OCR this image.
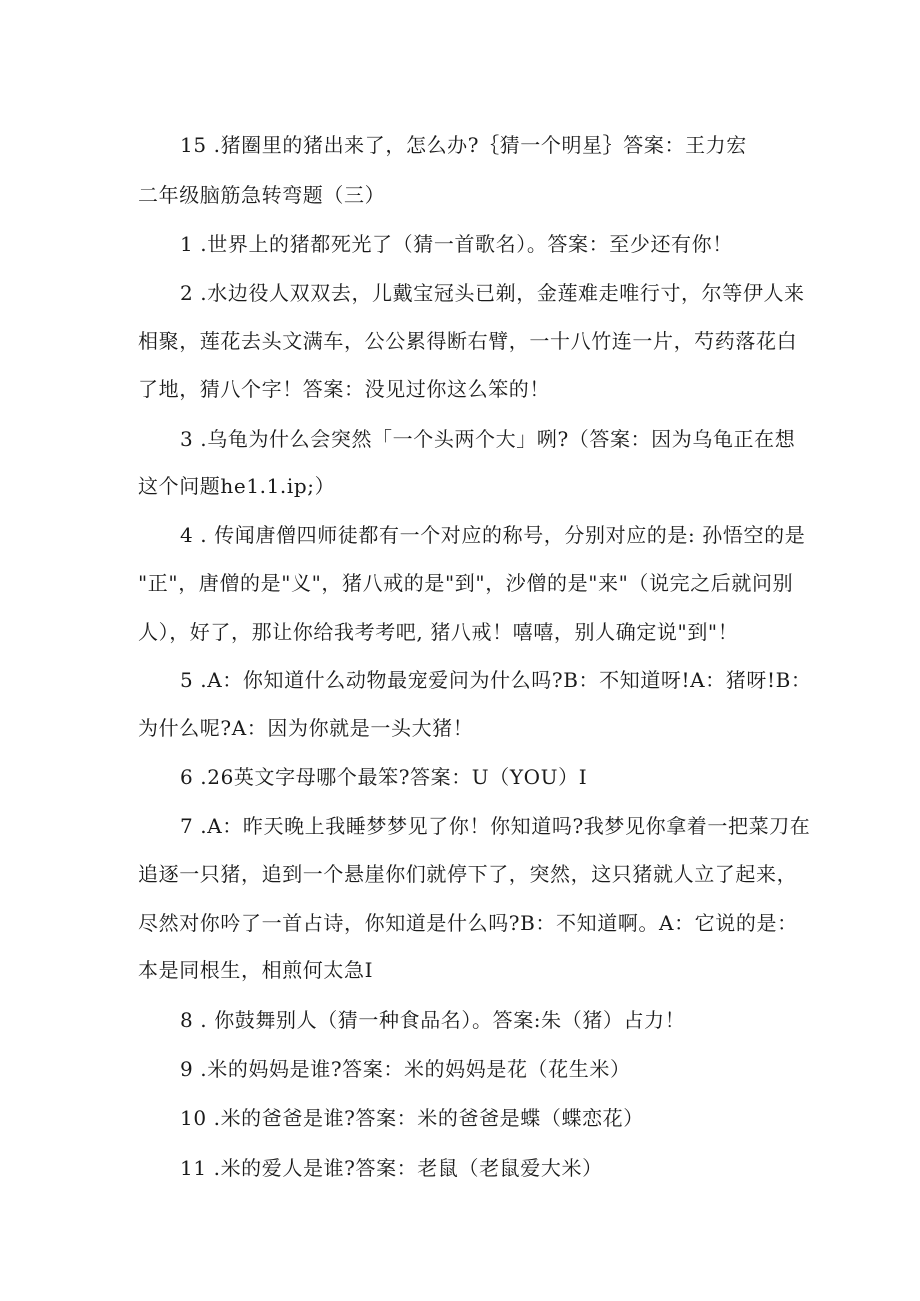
15 .猪圈里的猪出来了，怎么办?｛猜一个明星｝答案：王力宏
二年级脑筋急转弯题（三）
1 .世界上的猪都死光了（猜一首歌名）。答案：至少还有你！
2 .水边役人双双去，儿戴宝冠头已剃，金莲难走唯行寸，尔等伊人来
相聚，莲花去头文满车，公公累得断右臂，一十八竹连一片，芍药落花白
了地，猜八个字！答案：没见过你这么笨的！
3 .乌龟为什么会突然「一个头两个大」咧?（答案：因为乌龟正在想
这个问题he1.1.ip;）
4 . 传闻唐僧四师徒都有一个对应的称号，分别对应的是: 孙悟空的是
"正"，唐僧的是"义"，猪八戒的是"到"，沙僧的是"来"（说完之后就问别
人），好了，那让你给我考考吧, 猪八戒！嘻嘻，别人确定说"到"！
5 .A：你知道什么动物最宠爱问为什么吗?B：不知道呀!A：猪呀!B：
为什么呢?A：因为你就是一头大猪！
6 .26英文字母哪个最笨?答案：U（YOU）I
7 .A：昨天晚上我睡梦梦见了你！你知道吗?我梦见你拿着一把菜刀在
追逐一只猪，追到一个悬崖你们就停下了，突然，这只猪就人立了起来，
尽然对你吟了一首占诗，你知道是什么吗?B：不知道啊。A：它说的是：
本是同根生，相煎何太急I
8 . 你鼓舞别人（猜一种食品名）。答案:朱（猪）占力！
9 .米的妈妈是谁?答案：米的妈妈是花（花生米）
10 .米的爸爸是谁?答案：米的爸爸是蝶（蝶恋花）
11 .米的爱人是谁?答案：老鼠（老鼠爱大米）
